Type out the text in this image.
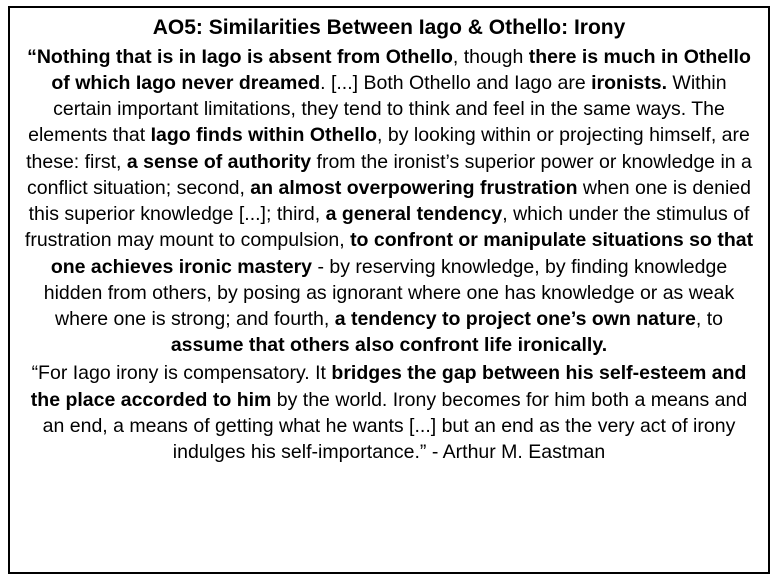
AO5: Similarities Between Iago & Othello: Irony

“Nothing that is in Iago is absent from Othello, though there is much in Othello of which Iago never dreamed. [...] Both Othello and Iago are ironists. Within certain important limitations, they tend to think and feel in the same ways. The elements that Iago finds within Othello, by looking within or projecting himself, are these: first, a sense of authority from the ironist’s superior power or knowledge in a conflict situation; second, an almost overpowering frustration when one is denied this superior knowledge [...]; third, a general tendency, which under the stimulus of frustration may mount to compulsion, to confront or manipulate situations so that one achieves ironic mastery - by reserving knowledge, by finding knowledge hidden from others, by posing as ignorant where one has knowledge or as weak where one is strong; and fourth, a tendency to project one’s own nature, to assume that others also confront life ironically.

“For Iago irony is compensatory. It bridges the gap between his self-esteem and the place accorded to him by the world. Irony becomes for him both a means and an end, a means of getting what he wants [...] but an end as the very act of irony indulges his self-importance.” - Arthur M. Eastman
